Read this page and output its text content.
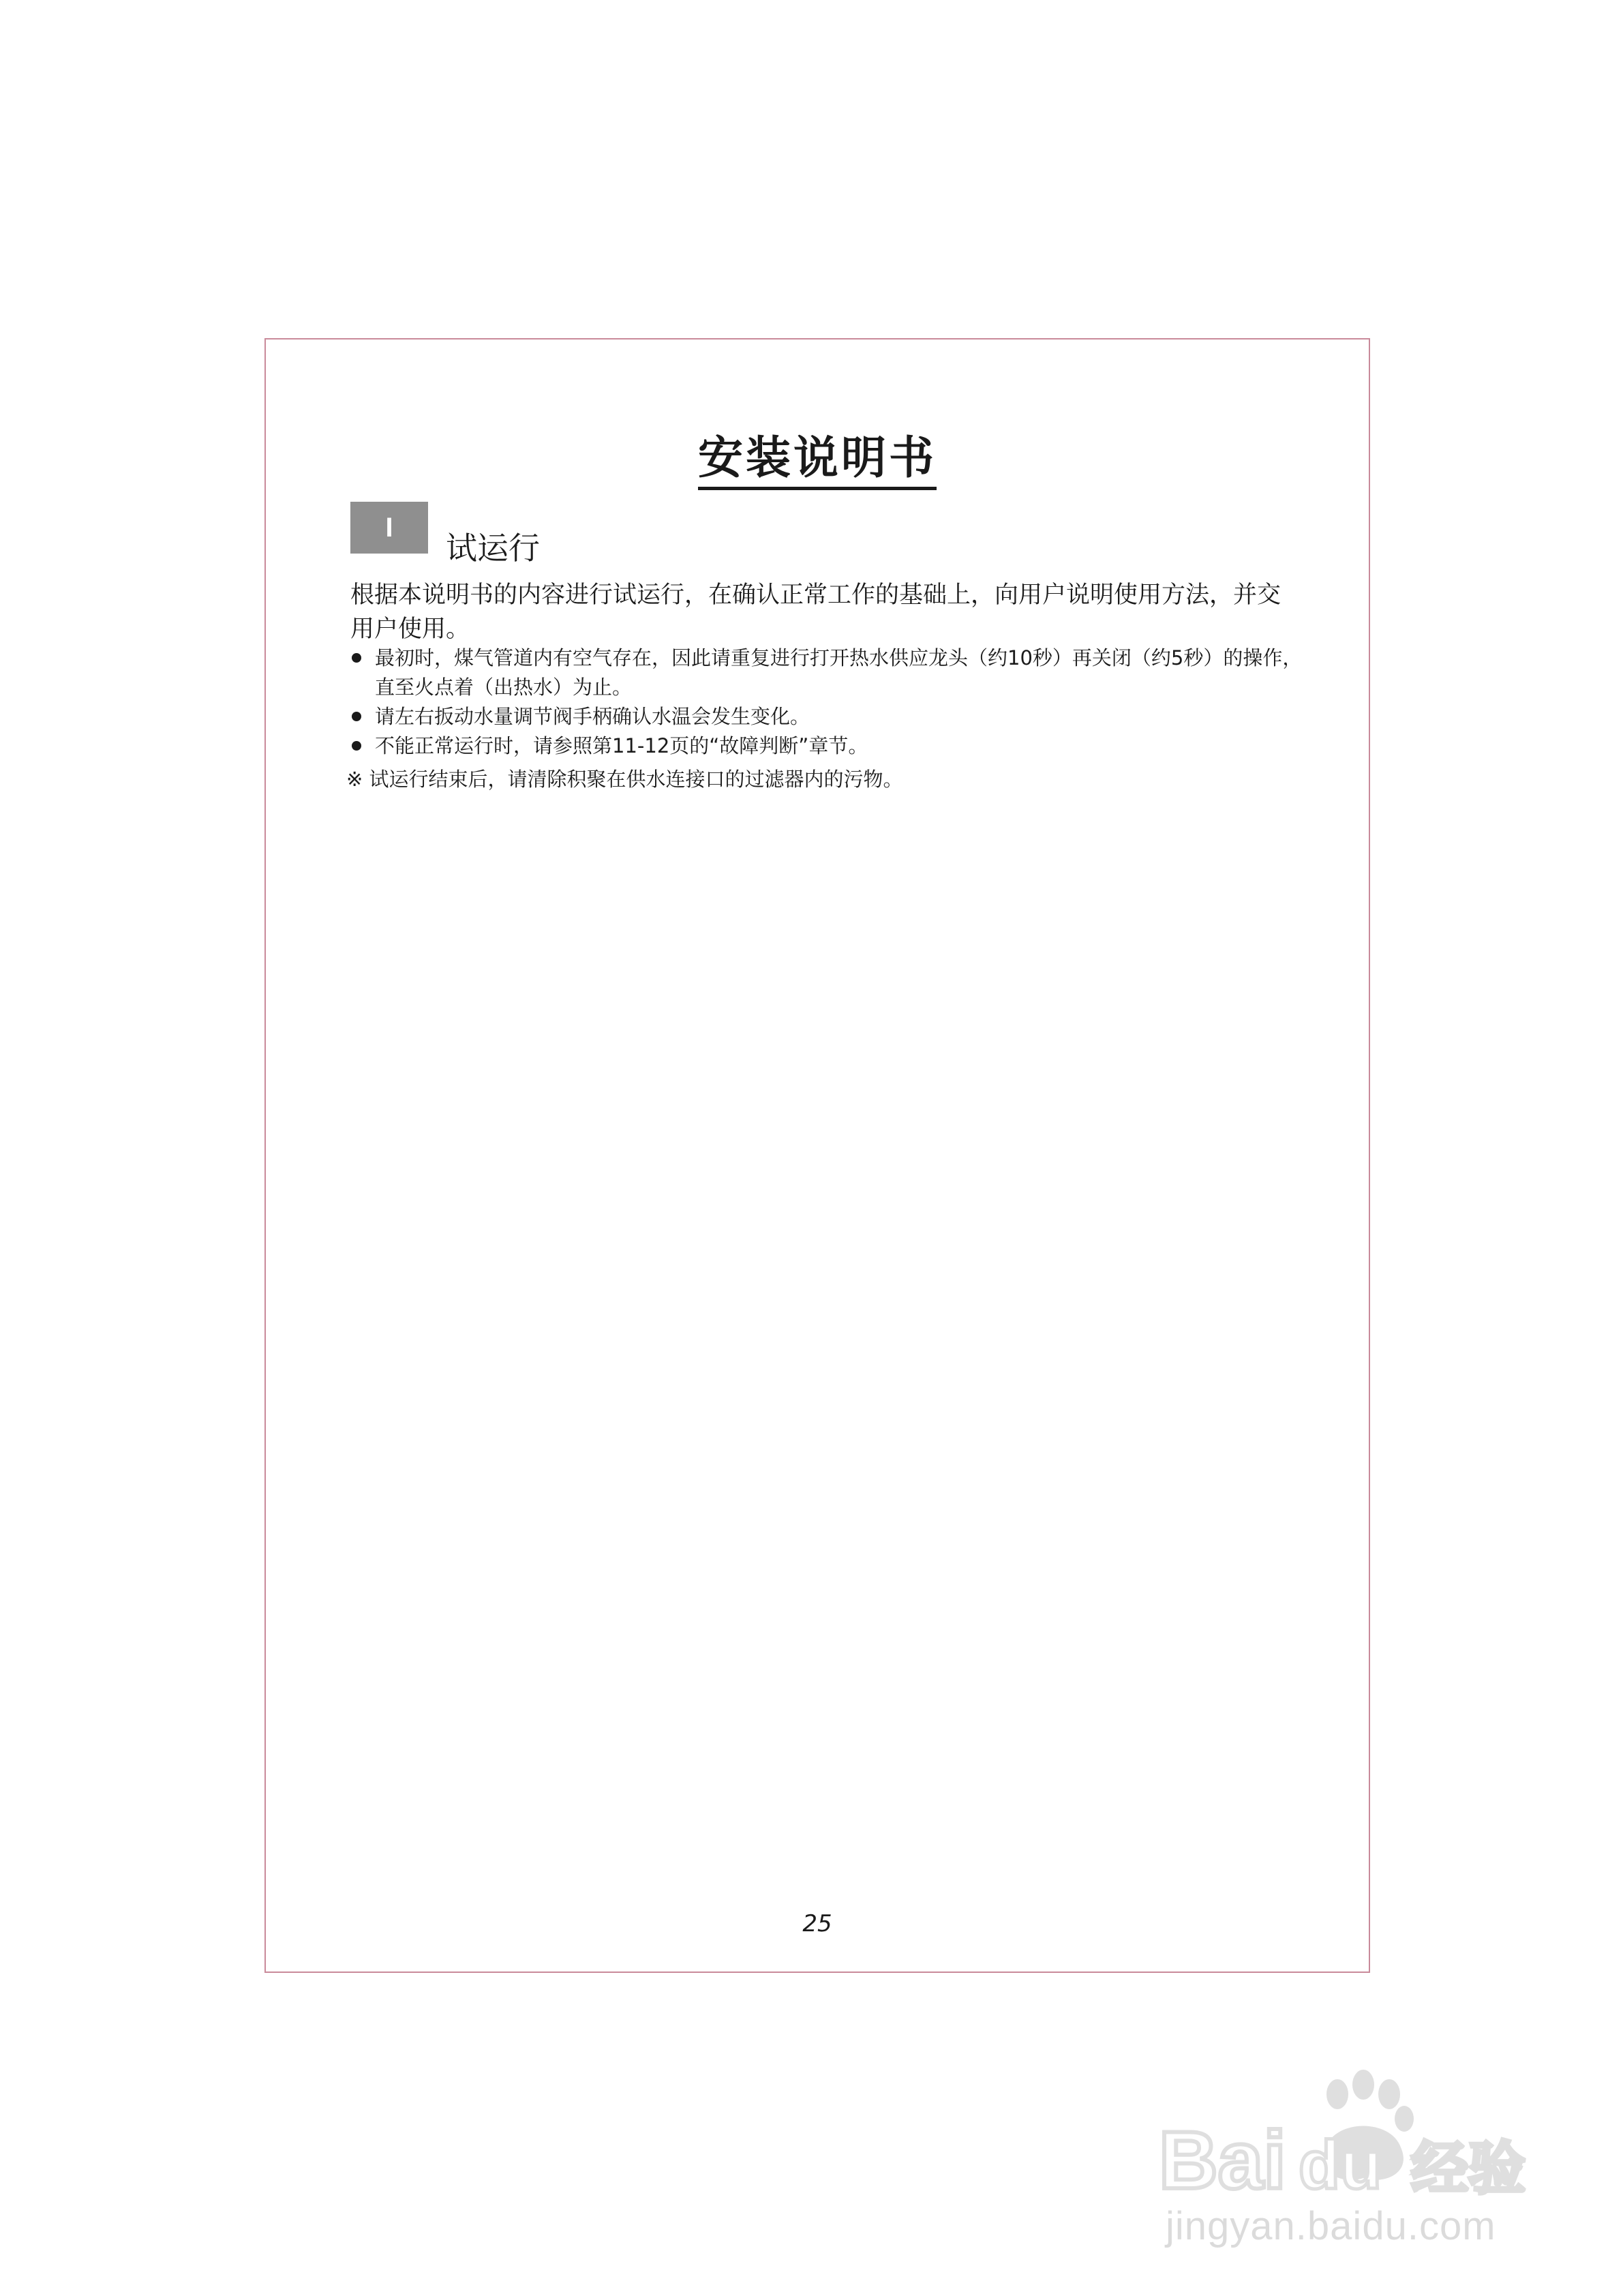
安装说明书
I
试运行

根据本说明书的内容进行试运行，在确认正常工作的基础上，向用户说明使用方法，并交用户使用。

最初时，煤气管道内有空气存在，因此请重复进行打开热水供应龙头（约10秒）再关闭（约5秒）的操作，直至火点着（出热水）为止。
请左右扳动水量调节阀手柄确认水温会发生变化。
不能正常运行时，请参照第11-12页的“故障判断”章节。

※ 试运行结束后，请清除积聚在供水连接口的过滤器内的污物。

25

Bai du 经验
jingyan.baidu.com
